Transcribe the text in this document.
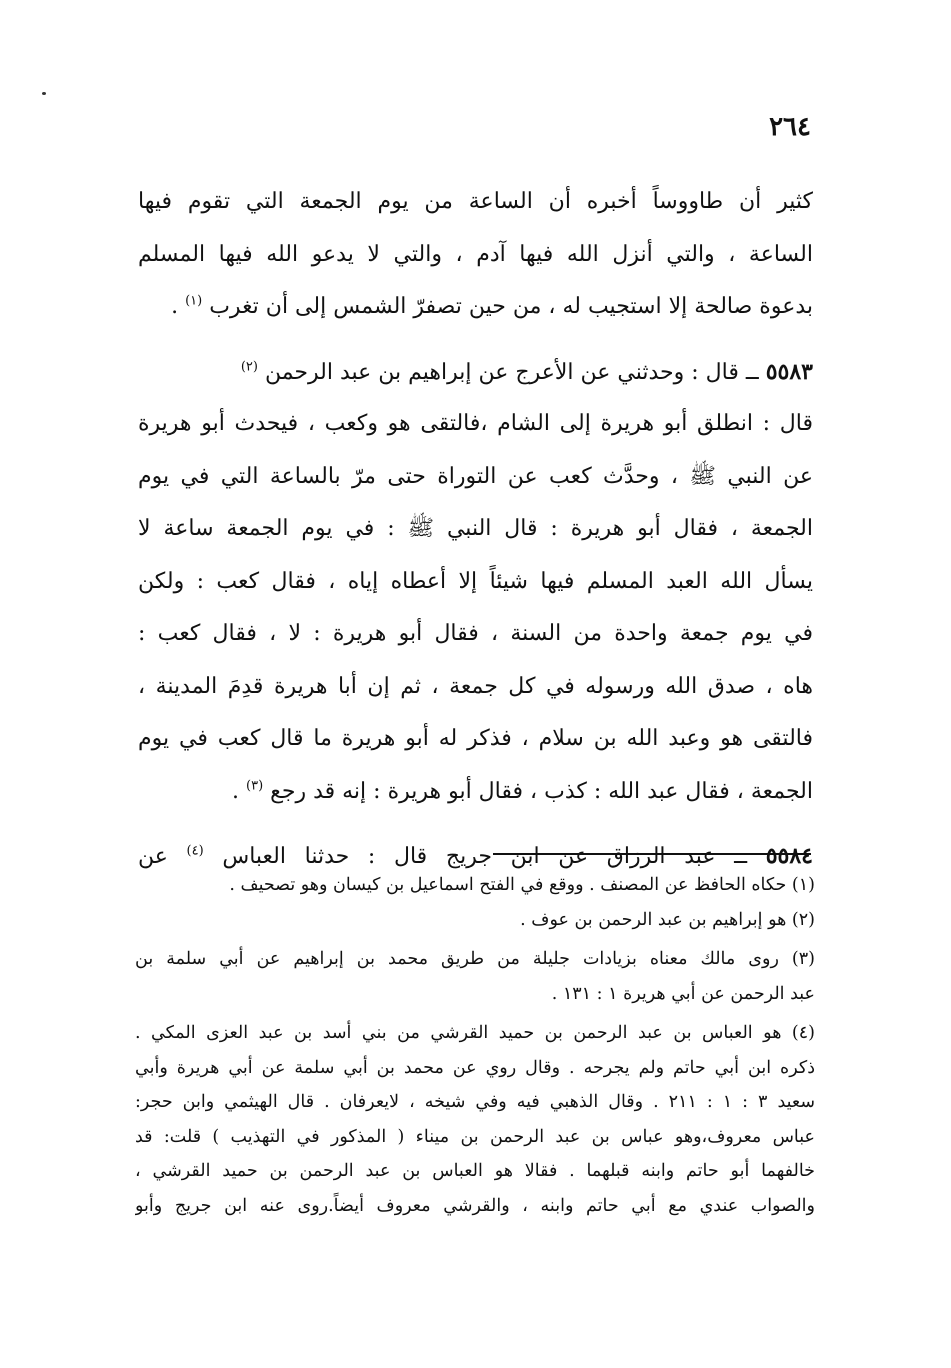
٢٦٤
كثير أن طاووساً أخبره أن الساعة من يوم الجمعة التي تقوم فيها
الساعة ، والتي أنزل الله فيها آدم ، والتي لا يدعو الله فيها المسلم
بدعوة صالحة إلا استجيب له ، من حين تصفرّ الشمس إلى أن تغرب $^{(١)}$ .
٥٥٨٣ ــ قال : وحدثني عن الأعرج عن إبراهيم بن عبد الرحمن $^{(٢)}$
قال : انطلق أبو هريرة إلى الشام ،فالتقى هو وكعب ، فيحدث أبو هريرة
عن النبي ﷺ ، وحدَّث كعب عن التوراة حتى مرّ بالساعة التي في يوم
الجمعة ، فقال أبو هريرة : قال النبي ﷺ : في يوم الجمعة ساعة لا
يسأل الله العبد المسلم فيها شيئاً إلا أعطاه إياه ، فقال كعب : ولكن
في يوم جمعة واحدة من السنة ، فقال أبو هريرة : لا ، فقال كعب :
هاه ، صدق الله ورسوله في كل جمعة ، ثم إن أبا هريرة قدِمَ المدينة ،
فالتقى هو وعبد الله بن سلام ، فذكر له أبو هريرة ما قال كعب في يوم
الجمعة ، فقال عبد الله : كذب ، فقال أبو هريرة : إنه قد رجع $^{(٣)}$ .
٥٥٨٤ ــ عبد الرزاق عن ابن جريج قال : حدثنا العباس $^{(٤)}$ عن
(١) حكاه الحافظ عن المصنف . ووقع في الفتح اسماعيل بن كيسان وهو تصحيف .
(٢) هو إبراهيم بن عبد الرحمن بن عوف .
(٣) روى مالك معناه بزيادات جليلة من طريق محمد بن إبراهيم عن أبي سلمة بن
عبد الرحمن عن أبي هريرة ١ : ١٣١ .
(٤) هو العباس بن عبد الرحمن بن حميد القرشي من بني أسد بن عبد العزى المكي .
ذكره ابن أبي حاتم ولم يجرحه . وقال روي عن محمد بن أبي سلمة عن أبي هريرة وأبي
سعيد ٣ : ١ : ٢١١ . وقال الذهبي فيه وفي شيخه ، لايعرفان . قال الهيثمي وابن حجر:
عباس معروف،وهو عباس بن عبد الرحمن بن ميناء ( المذكور في التهذيب ) قلت: قد
خالفهما أبو حاتم وابنه قبلهما . فقالا هو العباس بن عبد الرحمن بن حميد القرشي ،
والصواب عندي مع أبي حاتم وابنه ، والقرشي معروف أيضاً.روى عنه ابن جريج وأبو
